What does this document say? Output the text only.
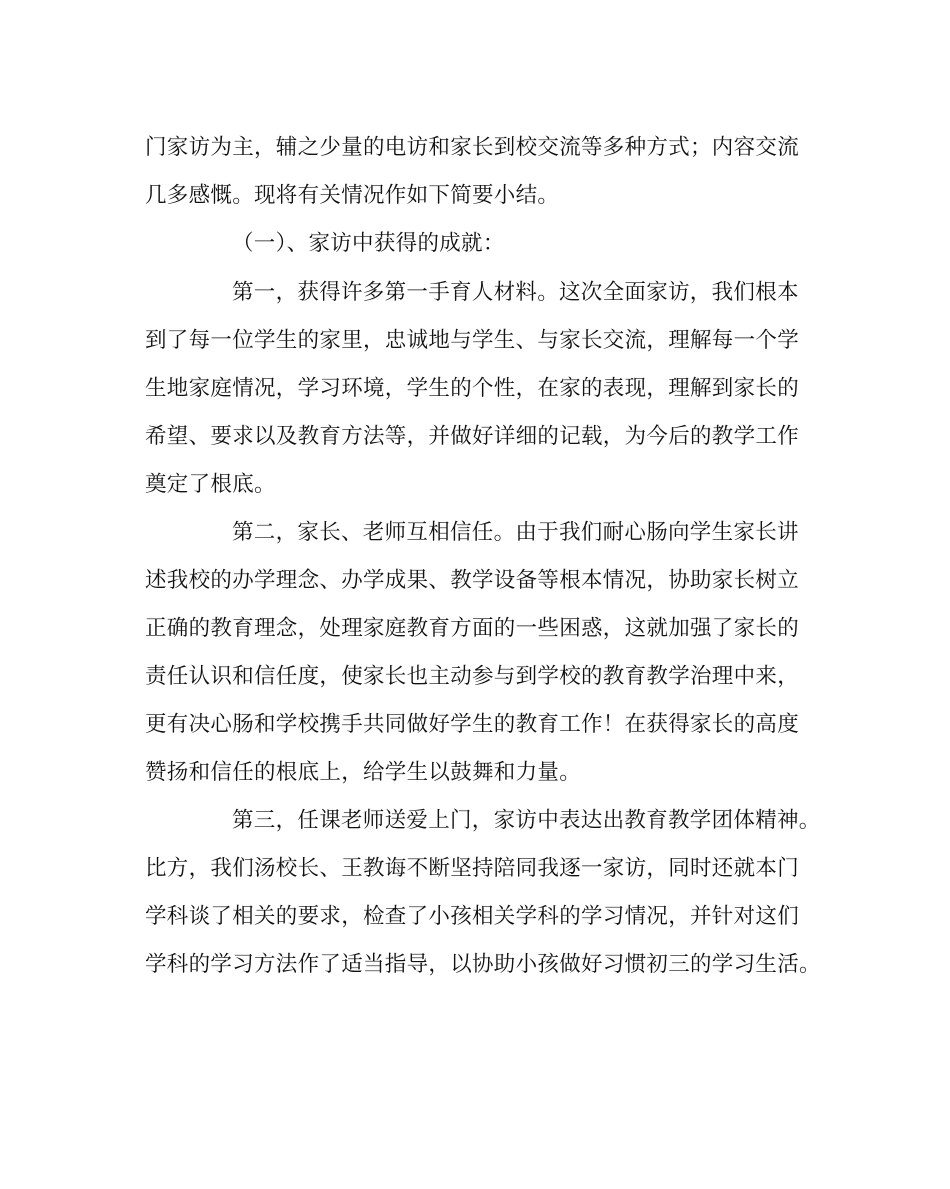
门家访为主，辅之少量的电访和家长到校交流等多种方式；内容交流
几多感慨。现将有关情况作如下简要小结。
（一）、家访中获得的成就：
第一，获得许多第一手育人材料。这次全面家访，我们根本
到了每一位学生的家里，忠诚地与学生、与家长交流，理解每一个学
生地家庭情况，学习环境，学生的个性，在家的表现，理解到家长的
希望、要求以及教育方法等，并做好详细的记载，为今后的教学工作
奠定了根底。
第二，家长、老师互相信任。由于我们耐心肠向学生家长讲
述我校的办学理念、办学成果、教学设备等根本情况，协助家长树立
正确的教育理念，处理家庭教育方面的一些困惑，这就加强了家长的
责任认识和信任度，使家长也主动参与到学校的教育教学治理中来，
更有决心肠和学校携手共同做好学生的教育工作！在获得家长的高度
赞扬和信任的根底上，给学生以鼓舞和力量。
第三，任课老师送爱上门，家访中表达出教育教学团体精神。
比方，我们汤校长、王教诲不断坚持陪同我逐一家访，同时还就本门
学科谈了相关的要求，检查了小孩相关学科的学习情况，并针对这们
学科的学习方法作了适当指导，以协助小孩做好习惯初三的学习生活。
